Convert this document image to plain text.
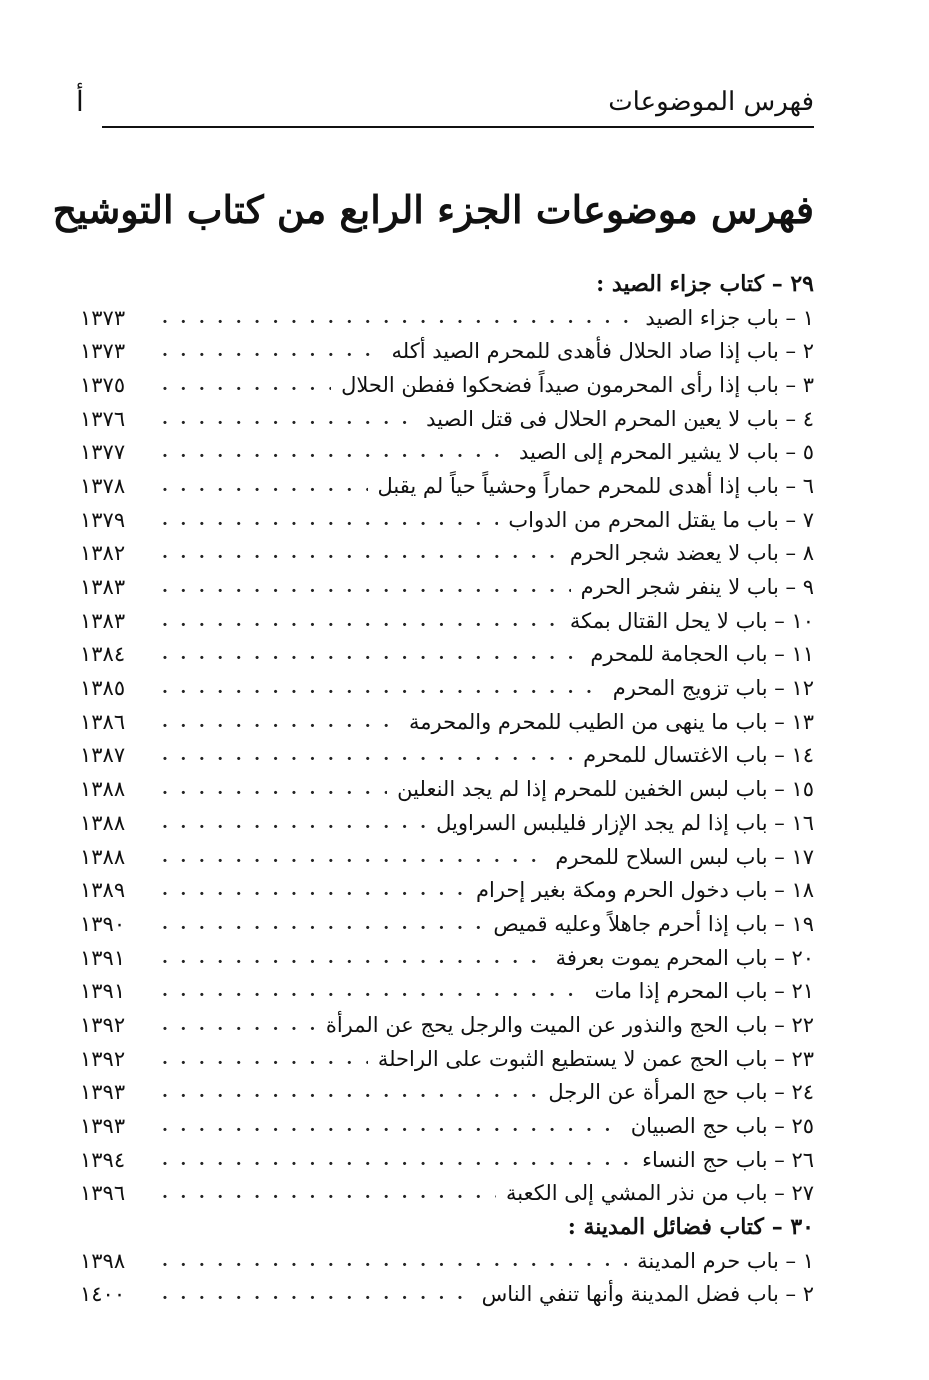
فهرس الموضوعات
أ
فهرس موضوعات الجزء الرابع من كتاب التوشيح
٢٩ – كتاب جزاء الصيد :
١ – باب جزاء الصيد
. . .
١٣٧٣
٢ – باب إذا صاد الحلال فأهدى للمحرم الصيد أكله
. . .
١٣٧٣
٣ – باب إذا رأى المحرمون صيداً فضحكوا ففطن الحلال
. . .
١٣٧٥
٤ – باب لا يعين المحرم الحلال فى قتل الصيد
. . .
١٣٧٦
٥ – باب لا يشير المحرم إلى الصيد
. . .
١٣٧٧
٦ – باب إذا أهدى للمحرم حماراً وحشياً حياً لم يقبل
. . .
١٣٧٨
٧ – باب ما يقتل المحرم من الدواب
. . .
١٣٧٩
٨ – باب لا يعضد شجر الحرم
. . .
١٣٨٢
٩ – باب لا ينفر شجر الحرم
. . .
١٣٨٣
١٠ – باب لا يحل القتال بمكة
. . .
١٣٨٣
١١ – باب الحجامة للمحرم
. . .
١٣٨٤
١٢ – باب تزويج المحرم
. . .
١٣٨٥
١٣ – باب ما ينهى من الطيب للمحرم والمحرمة
. . .
١٣٨٦
١٤ – باب الاغتسال للمحرم
. . .
١٣٨٧
١٥ – باب لبس الخفين للمحرم إذا لم يجد النعلين
. . .
١٣٨٨
١٦ – باب إذا لم يجد الإزار فليلبس السراويل
. . .
١٣٨٨
١٧ – باب لبس السلاح للمحرم
. . .
١٣٨٨
١٨ – باب دخول الحرم ومكة بغير إحرام
. . .
١٣٨٩
١٩ – باب إذا أحرم جاهلاً وعليه قميص
. . .
١٣٩٠
٢٠ – باب المحرم يموت بعرفة
. . .
١٣٩١
٢١ – باب المحرم إذا مات
. . .
١٣٩١
٢٢ – باب الحج والنذور عن الميت والرجل يحج عن المرأة
. . .
١٣٩٢
٢٣ – باب الحج عمن لا يستطيع الثبوت على الراحلة
. . .
١٣٩٢
٢٤ – باب حج المرأة عن الرجل
. . .
١٣٩٣
٢٥ – باب حج الصبيان
. . .
١٣٩٣
٢٦ – باب حج النساء
. . .
١٣٩٤
٢٧ – باب من نذر المشي إلى الكعبة
. . .
١٣٩٦
٣٠ – كتاب فضائل المدينة :
١ – باب حرم المدينة
. . .
١٣٩٨
٢ – باب فضل المدينة وأنها تنفي الناس
. . .
١٤٠٠
